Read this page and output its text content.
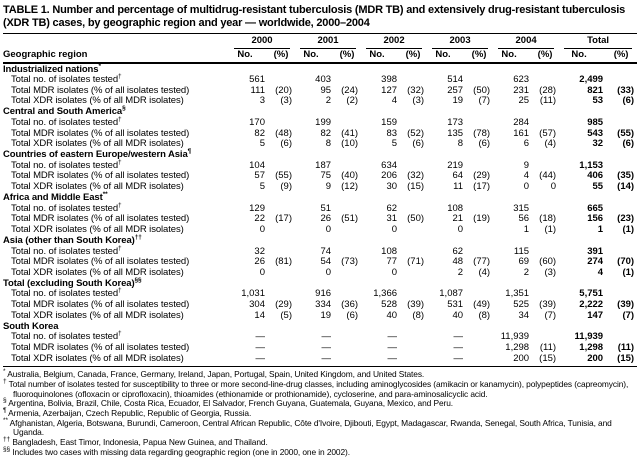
TABLE 1. Number and percentage of multidrug-resistant tuberculosis (MDR TB) and extensively drug-resistant tuberculosis (XDR TB) cases, by geographic region and year — worldwide, 2000–2004

	2000		2001		2002		2003		2004		Total	

Geographic region	No.	(%)	No.	(%)	No.	(%)	No.	(%)	No.	(%)	No.	(%)
Industrialized nations*
Total no. of isolates tested†	561		403		398		514		623		2,499	
Total MDR isolates (% of all isolates tested)	111	(20)	95	(24)	127	(32)	257	(50)	231	(28)	821	(33)
Total XDR isolates (% of all MDR isolates)	3	(3)	2	(2)	4	(3)	19	(7)	25	(11)	53	(6)
Central and South America§
Total no. of isolates tested†	170		199		159		173		284		985	
Total MDR isolates (% of all isolates tested)	82	(48)	82	(41)	83	(52)	135	(78)	161	(57)	543	(55)
Total XDR isolates (% of all MDR isolates)	5	(6)	8	(10)	5	(6)	8	(6)	6	(4)	32	(6)
Countries of eastern Europe/western Asia¶
Total no. of isolates tested†	104		187		634		219		9		1,153	
Total MDR isolates (% of all isolates tested)	57	(55)	75	(40)	206	(32)	64	(29)	4	(44)	406	(35)
Total XDR isolates (% of all MDR isolates)	5	(9)	9	(12)	30	(15)	11	(17)	0	0	55	(14)
Africa and Middle East**
Total no. of isolates tested†	129		51		62		108		315		665	
Total MDR isolates (% of all isolates tested)	22	(17)	26	(51)	31	(50)	21	(19)	56	(18)	156	(23)
Total XDR isolates (% of all MDR isolates)	0		0		0		0		1	(1)	1	(1)
Asia (other than South Korea)††
Total no. of isolates tested†	32		74		108		62		115		391	
Total MDR isolates (% of all isolates tested)	26	(81)	54	(73)	77	(71)	48	(77)	69	(60)	274	(70)
Total XDR isolates (% of all MDR isolates)	0		0		0		2	(4)	2	(3)	4	(1)
Total (excluding South Korea)§§
Total no. of isolates tested†	1,031		916		1,366		1,087		1,351		5,751	
Total MDR isolates (% of all isolates tested)	304	(29)	334	(36)	528	(39)	531	(49)	525	(39)	2,222	(39)
Total XDR isolates (% of all MDR isolates)	14	(5)	19	(6)	40	(8)	40	(8)	34	(7)	147	(7)
South Korea												
Total no. of isolates tested†	—		—		—		—		11,939		11,939	
Total MDR isolates (% of all isolates tested)	—		—		—		—		1,298	(11)	1,298	(11)
Total XDR isolates (% of all MDR isolates)	—		—		—		—		200	(15)	200	(15)
* Australia, Belgium, Canada, France, Germany, Ireland, Japan, Portugal, Spain, United Kingdom, and United States.
† Total number of isolates tested for susceptibility to three or more second-line-drug classes, including aminoglycosides (amikacin or kanamycin), polypeptides (capreomycin), fluoroquinolones (ofloxacin or ciprofloxacin), thioamides (ethionamide or prothionamide), cycloserine, and para-aminosalicyclic acid.
§ Argentina, Bolivia, Brazil, Chile, Costa Rica, Ecuador, El Salvador, French Guyana, Guatemala, Guyana, Mexico, and Peru.
¶ Armenia, Azerbaijan, Czech Republic, Republic of Georgia, Russia.
** Afghanistan, Algeria, Botswana, Burundi, Cameroon, Central African Republic, Côte d'Ivoire, Djibouti, Egypt, Madagascar, Rwanda, Senegal, South Africa, Tunisia, and Uganda.
†† Bangladesh, East Timor, Indonesia, Papua New Guinea, and Thailand.
§§ Includes two cases with missing data regarding geographic region (one in 2000, one in 2002).
